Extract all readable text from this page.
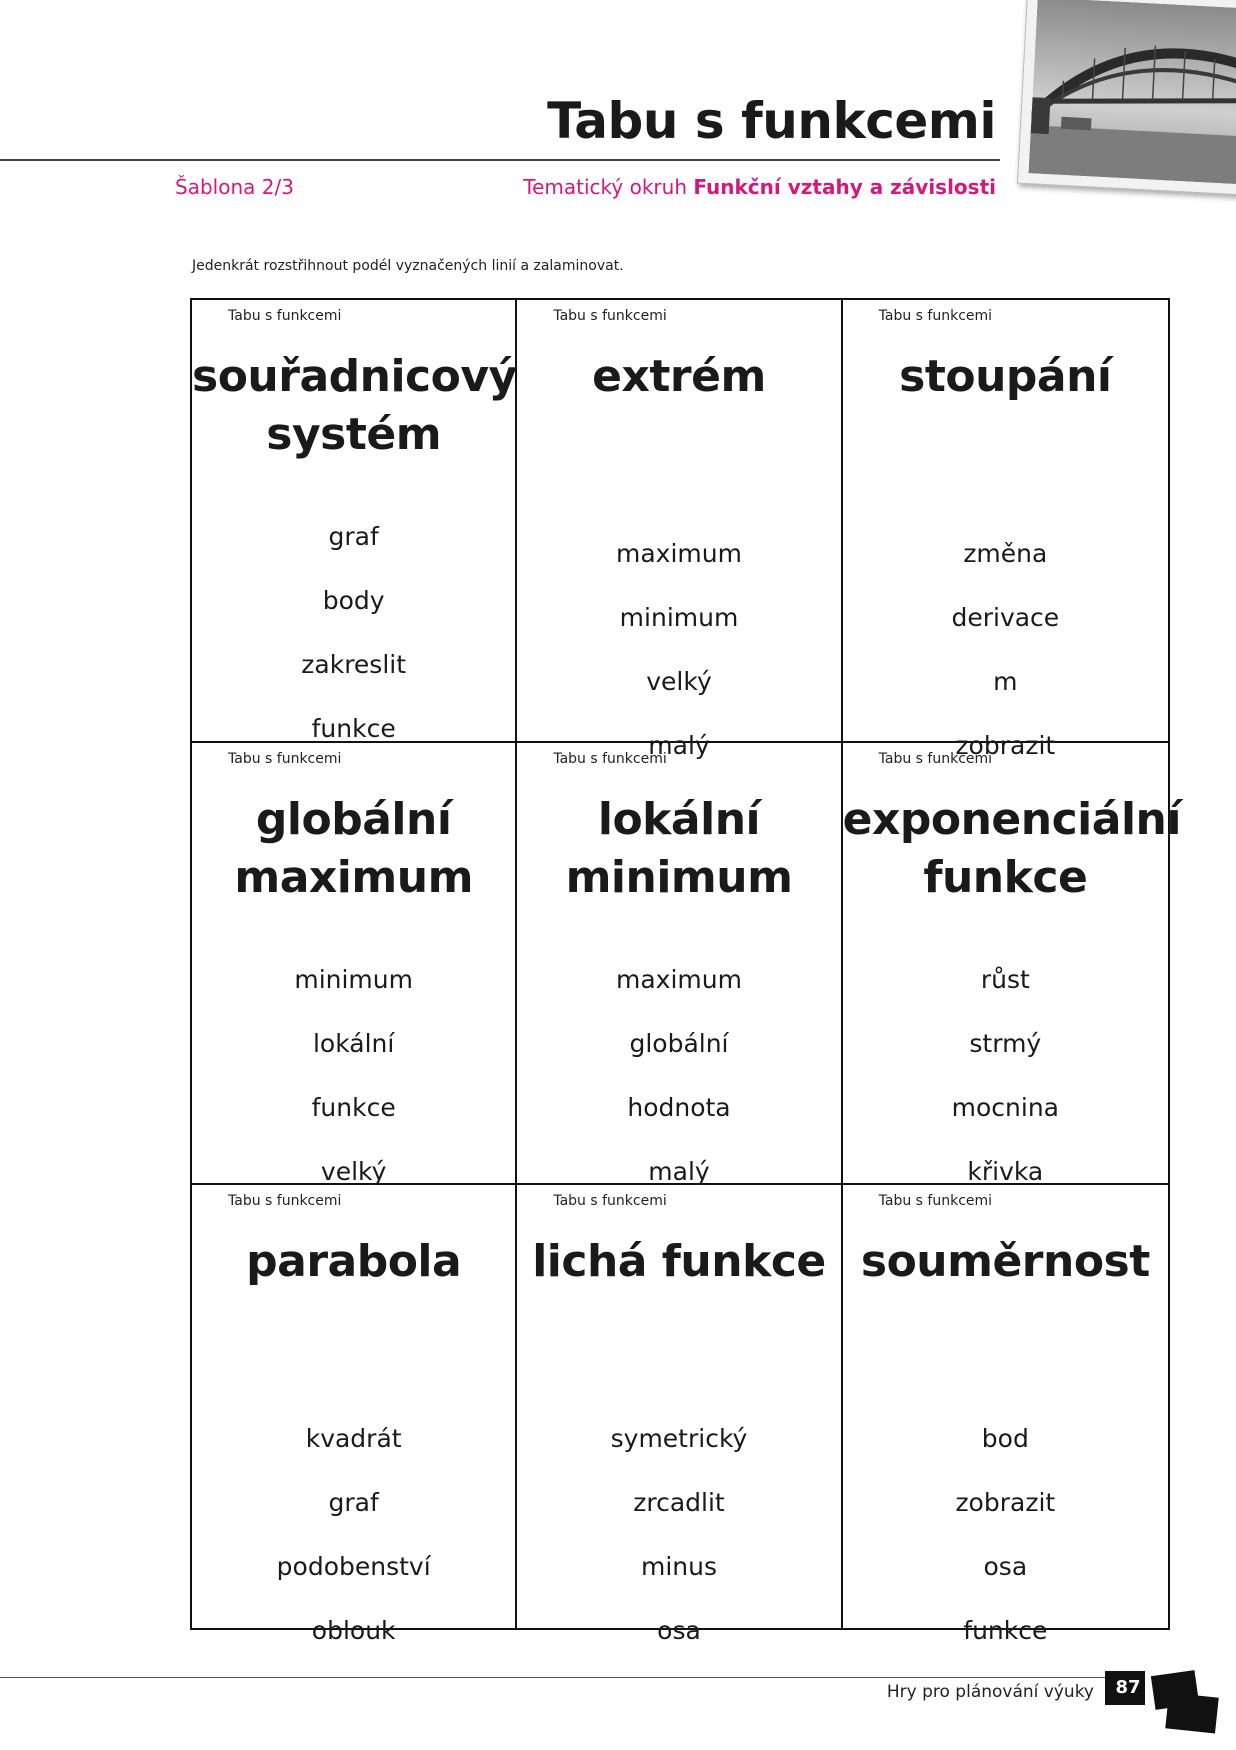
Tabu s funkcemi
Šablona 2/3	Tematický okruh Funkční vztahy a závislosti
Jedenkrát rozstřihnout podél vyznačených linií a zalaminovat.
Tabu s funkcemi
souřadnicový
systém
graf
body
zakreslit
funkce
Tabu s funkcemi
extrém
maximum
minimum
velký
malý
Tabu s funkcemi
stoupání
změna
derivace
m
zobrazit
Tabu s funkcemi
globální
maximum
minimum
lokální
funkce
velký
Tabu s funkcemi
lokální
minimum
maximum
globální
hodnota
malý
Tabu s funkcemi
exponenciální
funkce
růst
strmý
mocnina
křivka
Tabu s funkcemi
parabola
kvadrát
graf
podobenství
oblouk
Tabu s funkcemi
lichá funkce
symetrický
zrcadlit
minus
osa
Tabu s funkcemi
souměrnost
bod
zobrazit
osa
funkce
Hry pro plánování výuky	87
